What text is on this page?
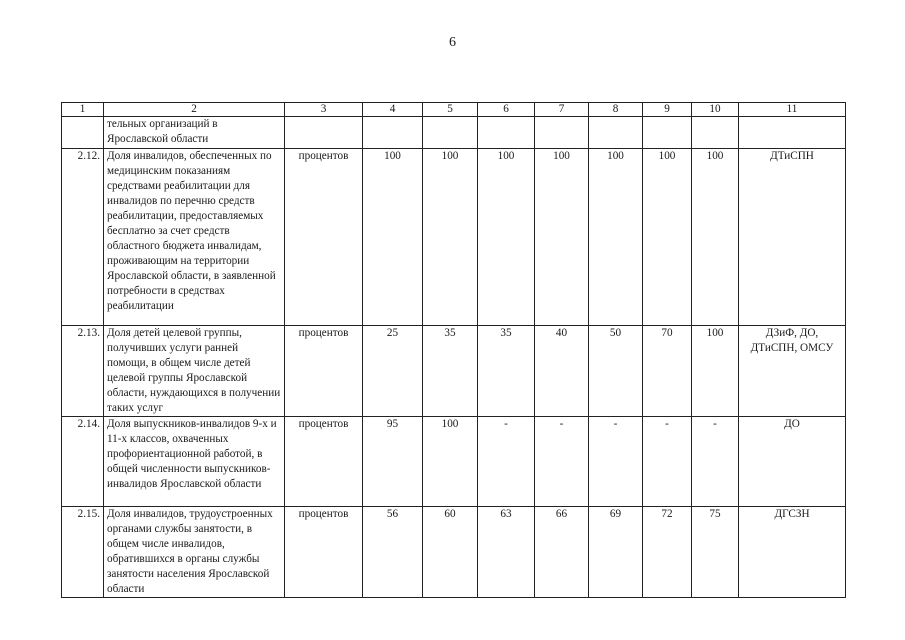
6
1	2	3	4	5	6	7	8	9	10	11
	тельных организаций в Ярославской области									
2.12.	Доля инвалидов, обеспеченных по медицинским показаниям средствами реабилитации для инвалидов по перечню средств реабилитации, предоставляемых бесплатно за счет средств областного бюджета инвалидам, проживающим на территории Ярославской области, в заявленной потребности в средствах реабилитации	процентов	100	100	100	100	100	100	100	ДТиСПН
2.13.	Доля детей целевой группы, получивших услуги ранней помощи, в общем числе детей целевой группы Ярославской области, нуждающихся в получении таких услуг	процентов	25	35	35	40	50	70	100	ДЗиФ, ДО, ДТиСПН, ОМСУ
2.14.	Доля выпускников-инвалидов 9-х и 11-х классов, охваченных профориентационной работой, в общей численности выпускников-инвалидов Ярославской области	процентов	95	100	-	-	-	-	-	ДО
2.15.	Доля инвалидов, трудоустроенных органами службы занятости, в общем числе инвалидов, обратившихся в органы службы занятости населения Ярославской области	процентов	56	60	63	66	69	72	75	ДГСЗН
